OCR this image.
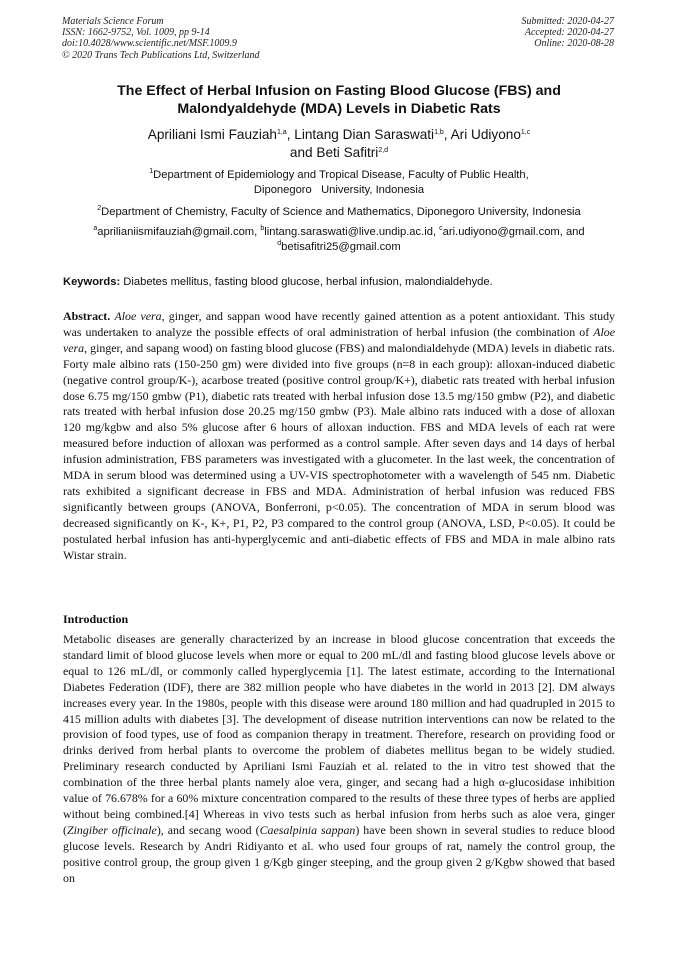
Materials Science Forum
ISSN: 1662-9752, Vol. 1009, pp 9-14
doi:10.4028/www.scientific.net/MSF.1009.9
© 2020 Trans Tech Publications Ltd, Switzerland
Submitted: 2020-04-27
Accepted: 2020-04-27
Online: 2020-08-28
The Effect of Herbal Infusion on Fasting Blood Glucose (FBS) and
Malondyaldehyde (MDA) Levels in Diabetic Rats
Apriliani Ismi Fauziah$^{1,a}$, Lintang Dian Saraswati$^{1,b}$, Ari Udiyono$^{1,c}$
and Beti Safitri$^{2,d}$
$^1$Department of Epidemiology and Tropical Disease, Faculty of Public Health,
Diponegoro   University, Indonesia
$^2$Department of Chemistry, Faculty of Science and Mathematics, Diponegoro University, Indonesia
$^a$aprilianiismifauziah@gmail.com, $^b$lintang.saraswati@live.undip.ac.id, $^c$ari.udiyono@gmail.com, and
$^d$betisafitri25@gmail.com
Keywords: Diabetes mellitus, fasting blood glucose, herbal infusion, malondialdehyde.

Abstract. Aloe vera, ginger, and sappan wood have recently gained attention as a potent antioxidant. This study was undertaken to analyze the possible effects of oral administration of herbal infusion (the combination of Aloe vera, ginger, and sapang wood) on fasting blood glucose (FBS) and malondialdehyde (MDA) levels in diabetic rats. Forty male albino rats (150-250 gm) were divided into five groups (n=8 in each group): alloxan-induced diabetic (negative control group/K-), acarbose treated (positive control group/K+), diabetic rats treated with herbal infusion dose 6.75 mg/150 gmbw (P1), diabetic rats treated with herbal infusion dose 13.5 mg/150 gmbw (P2), and diabetic rats treated with herbal infusion dose 20.25 mg/150 gmbw (P3). Male albino rats induced with a dose of alloxan 120 mg/kgbw and also 5% glucose after 6 hours of alloxan induction. FBS and MDA levels of each rat were measured before induction of alloxan was performed as a control sample. After seven days and 14 days of herbal infusion administration, FBS parameters was investigated with a glucometer. In the last week, the concentration of MDA in serum blood was determined using a UV-VIS spectrophotometer with a wavelength of 545 nm. Diabetic rats exhibited a significant decrease in FBS and MDA. Administration of herbal infusion was reduced FBS significantly between groups (ANOVA, Bonferroni, p<0.05). The concentration of MDA in serum blood was decreased significantly on K-, K+, P1, P2, P3 compared to the control group (ANOVA, LSD, P<0.05). It could be postulated herbal infusion has anti-hyperglycemic and anti-diabetic effects of FBS and MDA in male albino rats Wistar strain.

Introduction

Metabolic diseases are generally characterized by an increase in blood glucose concentration that exceeds the standard limit of blood glucose levels when more or equal to 200 mL/dl and fasting blood glucose levels above or equal to 126 mL/dl, or commonly called hyperglycemia [1]. The latest estimate, according to the International Diabetes Federation (IDF), there are 382 million people who have diabetes in the world in 2013 [2]. DM always increases every year. In the 1980s, people with this disease were around 180 million and had quadrupled in 2015 to 415 million adults with diabetes [3]. The development of disease nutrition interventions can now be related to the provision of food types, use of food as companion therapy in treatment. Therefore, research on providing food or drinks derived from herbal plants to overcome the problem of diabetes mellitus began to be widely studied. Preliminary research conducted by Apriliani Ismi Fauziah et al. related to the in vitro test showed that the combination of the three herbal plants namely aloe vera, ginger, and secang had a high α-glucosidase inhibition value of 76.678% for a 60% mixture concentration compared to the results of these three types of herbs are applied without being combined.[4] Whereas in vivo tests such as herbal infusion from herbs such as aloe vera, ginger (Zingiber officinale), and secang wood (Caesalpinia sappan) have been shown in several studies to reduce blood glucose levels. Research by Andri Ridiyanto et al. who used four groups of rat, namely the control group, the positive control group, the group given 1 g/Kgb ginger steeping, and the group given 2 g/Kgbw showed that based on
